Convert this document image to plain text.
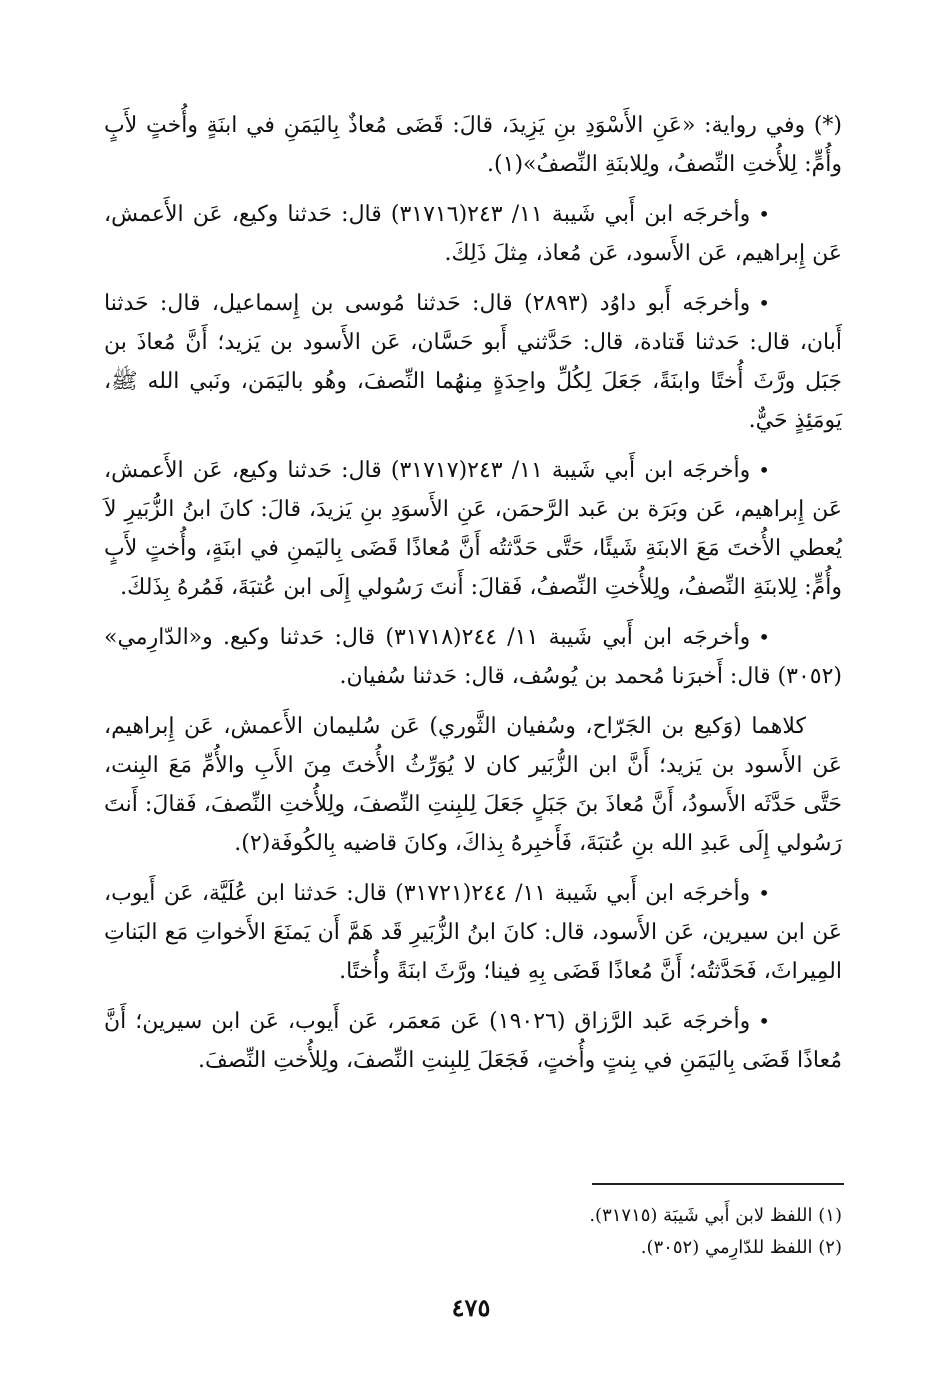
(*) وفي رواية: «عَنِ الأَسْوَدِ بنِ يَزِيدَ، قالَ: قَضَى مُعاذٌ بِاليَمَنِ في ابنَةٍ وأُختٍ لأَبٍ وأُمٍّ: لِلأُختِ النِّصفُ، ولِلابنَةِ النِّصفُ»(١).

•وأخرجَه ابن أَبي شَيبة ١١/ ٢٤٣(٣١٧١٦) قال: حَدثنا وكيع، عَن الأَعمش، عَن إِبراهيم، عَن الأَسود، عَن مُعاذ، مِثلَ ذَلِكَ.

•وأخرجَه أَبو داوُد (٢٨٩٣) قال: حَدثنا مُوسى بن إِسماعيل، قال: حَدثنا أَبان، قال: حَدثنا قَتادة، قال: حَدَّثني أَبو حَسَّان، عَن الأَسود بن يَزيد؛ أَنَّ مُعاذَ بن جَبَل ورَّثَ أُختًا وابنَةً، جَعَلَ لِكُلِّ واحِدَةٍ مِنهُما النِّصفَ، وهُو باليَمَن، ونَبي الله ﷺ، يَومَئِذٍ حَيٌّ.

•وأخرجَه ابن أَبي شَيبة ١١/ ٢٤٣(٣١٧١٧) قال: حَدثنا وكيع، عَن الأَعمش، عَن إِبراهيم، عَن وبَرَة بن عَبد الرَّحمَن، عَنِ الأَسوَدِ بنِ يَزيدَ، قالَ: كانَ ابنُ الزُّبَيرِ لاَ يُعطي الأُختَ مَعَ الابنَةِ شَيئًا، حَتَّى حَدَّثتُه أَنَّ مُعاذًا قَضَى بِاليَمنِ في ابنَةٍ، وأُختٍ لأَبٍ وأُمٍّ: لِلابنَةِ النِّصفُ، ولِلأُختِ النِّصفُ، فَقالَ: أَنتَ رَسُولي إِلَى ابن عُتبَةَ، فَمُرهُ بِذَلكَ.

•وأخرجَه ابن أَبي شَيبة ١١/ ٢٤٤(٣١٧١٨) قال: حَدثنا وكيع. و«الدّارِمي» (٣٠٥٢) قال: أَخبرَنا مُحمد بن يُوسُف، قال: حَدثنا سُفيان.

كلاهما (وَكيع بن الجَرّاح، وسُفيان الثَّوري) عَن سُليمان الأَعمش، عَن إِبراهيم، عَن الأَسود بن يَزيد؛ أَنَّ ابن الزُّبَير كان لا يُوَرِّثُ الأُختَ مِنَ الأَبِ والأُمِّ مَعَ البِنت، حَتَّى حَدَّثَه الأَسودُ، أَنَّ مُعاذَ بنَ جَبَلٍ جَعَلَ لِلبِنتِ النِّصفَ، ولِلأُختِ النِّصفَ، فَقالَ: أَنتَ رَسُولي إِلَى عَبدِ الله بنِ عُتبَةَ، فَأَخبِرهُ بِذاكَ، وكانَ قاضيه بِالكُوفَة(٢).

•وأخرجَه ابن أَبي شَيبة ١١/ ٢٤٤(٣١٧٢١) قال: حَدثنا ابن عُلَيَّة، عَن أَيوب، عَن ابن سيرين، عَن الأَسود، قال: كانَ ابنُ الزُّبَيرِ قَد هَمَّ أَن يَمنَعَ الأَخواتِ مَع البَناتِ المِيراثَ، فَحَدَّثتُه؛ أَنَّ مُعاذًا قَضَى بِهِ فينا؛ ورَّثَ ابنَةً وأُختًا.

•وأخرجَه عَبد الرَّزاق (١٩٠٢٦) عَن مَعمَر، عَن أَيوب، عَن ابن سيرين؛ أَنَّ مُعاذًا قَضَى بِاليَمَنِ في بِنتٍ وأُختٍ، فَجَعَلَ لِلبِنتِ النِّصفَ، ولِلأُختِ النِّصفَ.

(١) اللفظ لابن أَبي شَيبَة (٣١٧١٥).

(٢) اللفظ للدّارِمي (٣٠٥٢).

٤٧٥
